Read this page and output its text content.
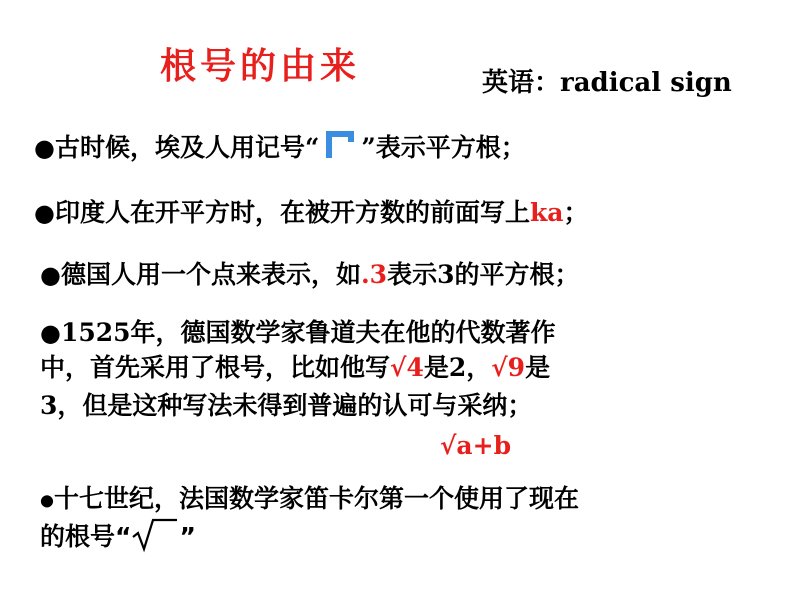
根号的由来	英语：radical sign
●古时候，埃及人用记号“ ”表示平方根；
●印度人在开平方时，在被开方数的前面写上ka；
●德国人用一个点来表示，如.3表示3的平方根；
●1525年，德国数学家鲁道夫在他的代数著作
中，首先采用了根号，比如他写√4是2，√9是
3，但是这种写法未得到普遍的认可与采纳；
√a+b
●十七世纪，法国数学家笛卡尔第一个使用了现在
的根号“ ”
